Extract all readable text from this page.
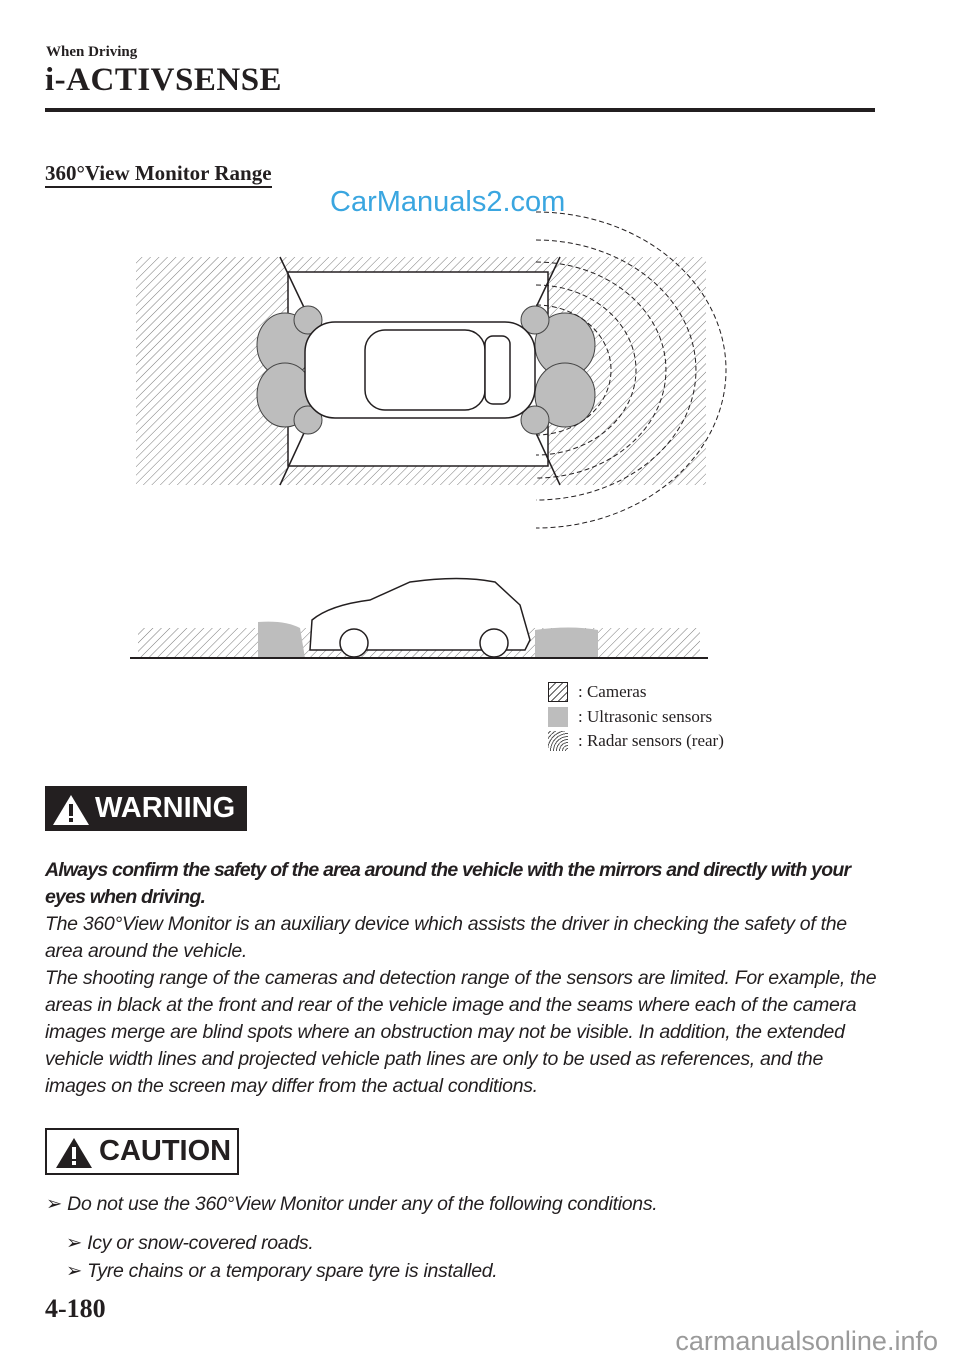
When Driving
i-ACTIVSENSE
360°View Monitor Range
CarManuals2.com
: Cameras
: Ultrasonic sensors
: Radar sensors (rear)
WARNING
Always confirm the safety of the area around the vehicle with the mirrors and directly with your eyes when driving.
The 360°View Monitor is an auxiliary device which assists the driver in checking the safety of the area around the vehicle.
The shooting range of the cameras and detection range of the sensors are limited. For example, the areas in black at the front and rear of the vehicle image and the seams where each of the camera images merge are blind spots where an obstruction may not be visible. In addition, the extended vehicle width lines and projected vehicle path lines are only to be used as references, and the images on the screen may differ from the actual conditions.
CAUTION
➢ Do not use the 360°View Monitor under any of the following conditions.
➢ Icy or snow-covered roads.
➢ Tyre chains or a temporary spare tyre is installed.
4-180
carmanualsonline.info
